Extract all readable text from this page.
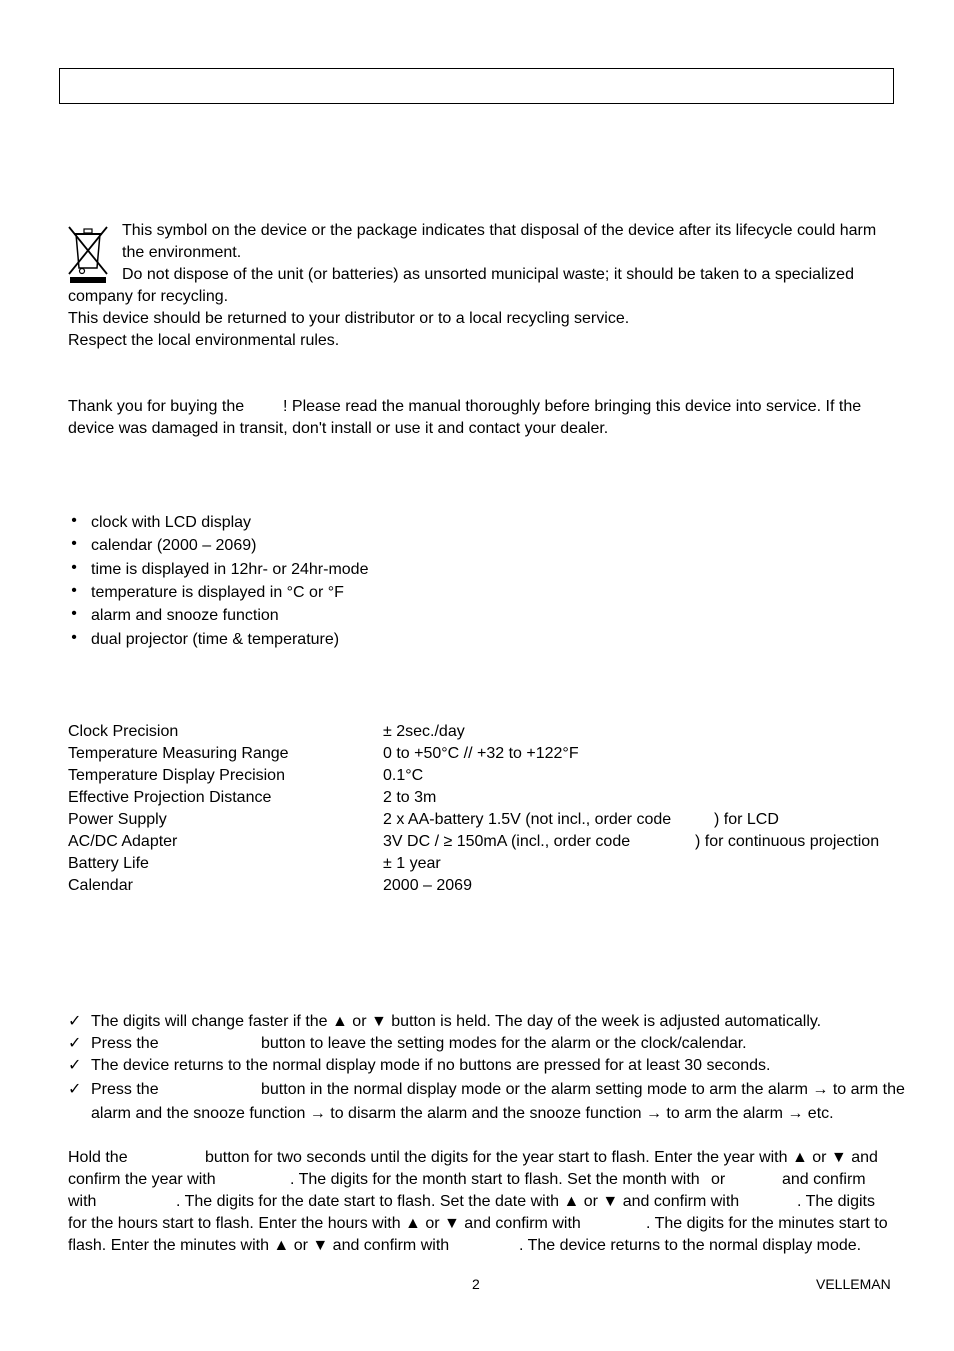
This symbol on the device or the package indicates that disposal of the device after its lifecycle could harm
the environment.
Do not dispose of the unit (or batteries) as unsorted municipal waste; it should be taken to a specialized
company for recycling.
This device should be returned to your distributor or to a local recycling service.
Respect the local environmental rules.
Thank you for buying the ! Please read the manual thoroughly before bringing this device into service. If the
device was damaged in transit, don't install or use it and contact your dealer.
• clock with LCD display
• calendar (2000 – 2069)
• time is displayed in 12hr- or 24hr-mode
• temperature is displayed in °C or °F
• alarm and snooze function
• dual projector (time & temperature)
Clock Precision	± 2sec./day
Temperature Measuring Range	0 to +50°C // +32 to +122°F
Temperature Display Precision	0.1°C
Effective Projection Distance	2 to 3m
Power Supply	2 x AA-battery 1.5V (not incl., order code	) for LCD
AC/DC Adapter	3V DC / ≥ 150mA (incl., order code	) for continuous projection
Battery Life	± 1 year
Calendar	2000 – 2069
✓ The digits will change faster if the ▲ or ▼ button is held. The day of the week is adjusted automatically.
✓ Press the	button to leave the setting modes for the alarm or the clock/calendar.
✓ The device returns to the normal display mode if no buttons are pressed for at least 30 seconds.
✓ Press the	button in the normal display mode or the alarm setting mode to arm the alarm → to arm the
alarm and the snooze function → to disarm the alarm and the snooze function → to arm the alarm → etc.
Hold the	button for two seconds until the digits for the year start to flash. Enter the year with ▲ or ▼ and
confirm the year with	. The digits for the month start to flash. Set the month with or	and confirm
with	. The digits for the date start to flash. Set the date with ▲ or ▼ and confirm with	. The digits
for the hours start to flash. Enter the hours with ▲ or ▼ and confirm with	. The digits for the minutes start to
flash. Enter the minutes with ▲ or ▼ and confirm with	. The device returns to the normal display mode.
2	VELLEMAN
